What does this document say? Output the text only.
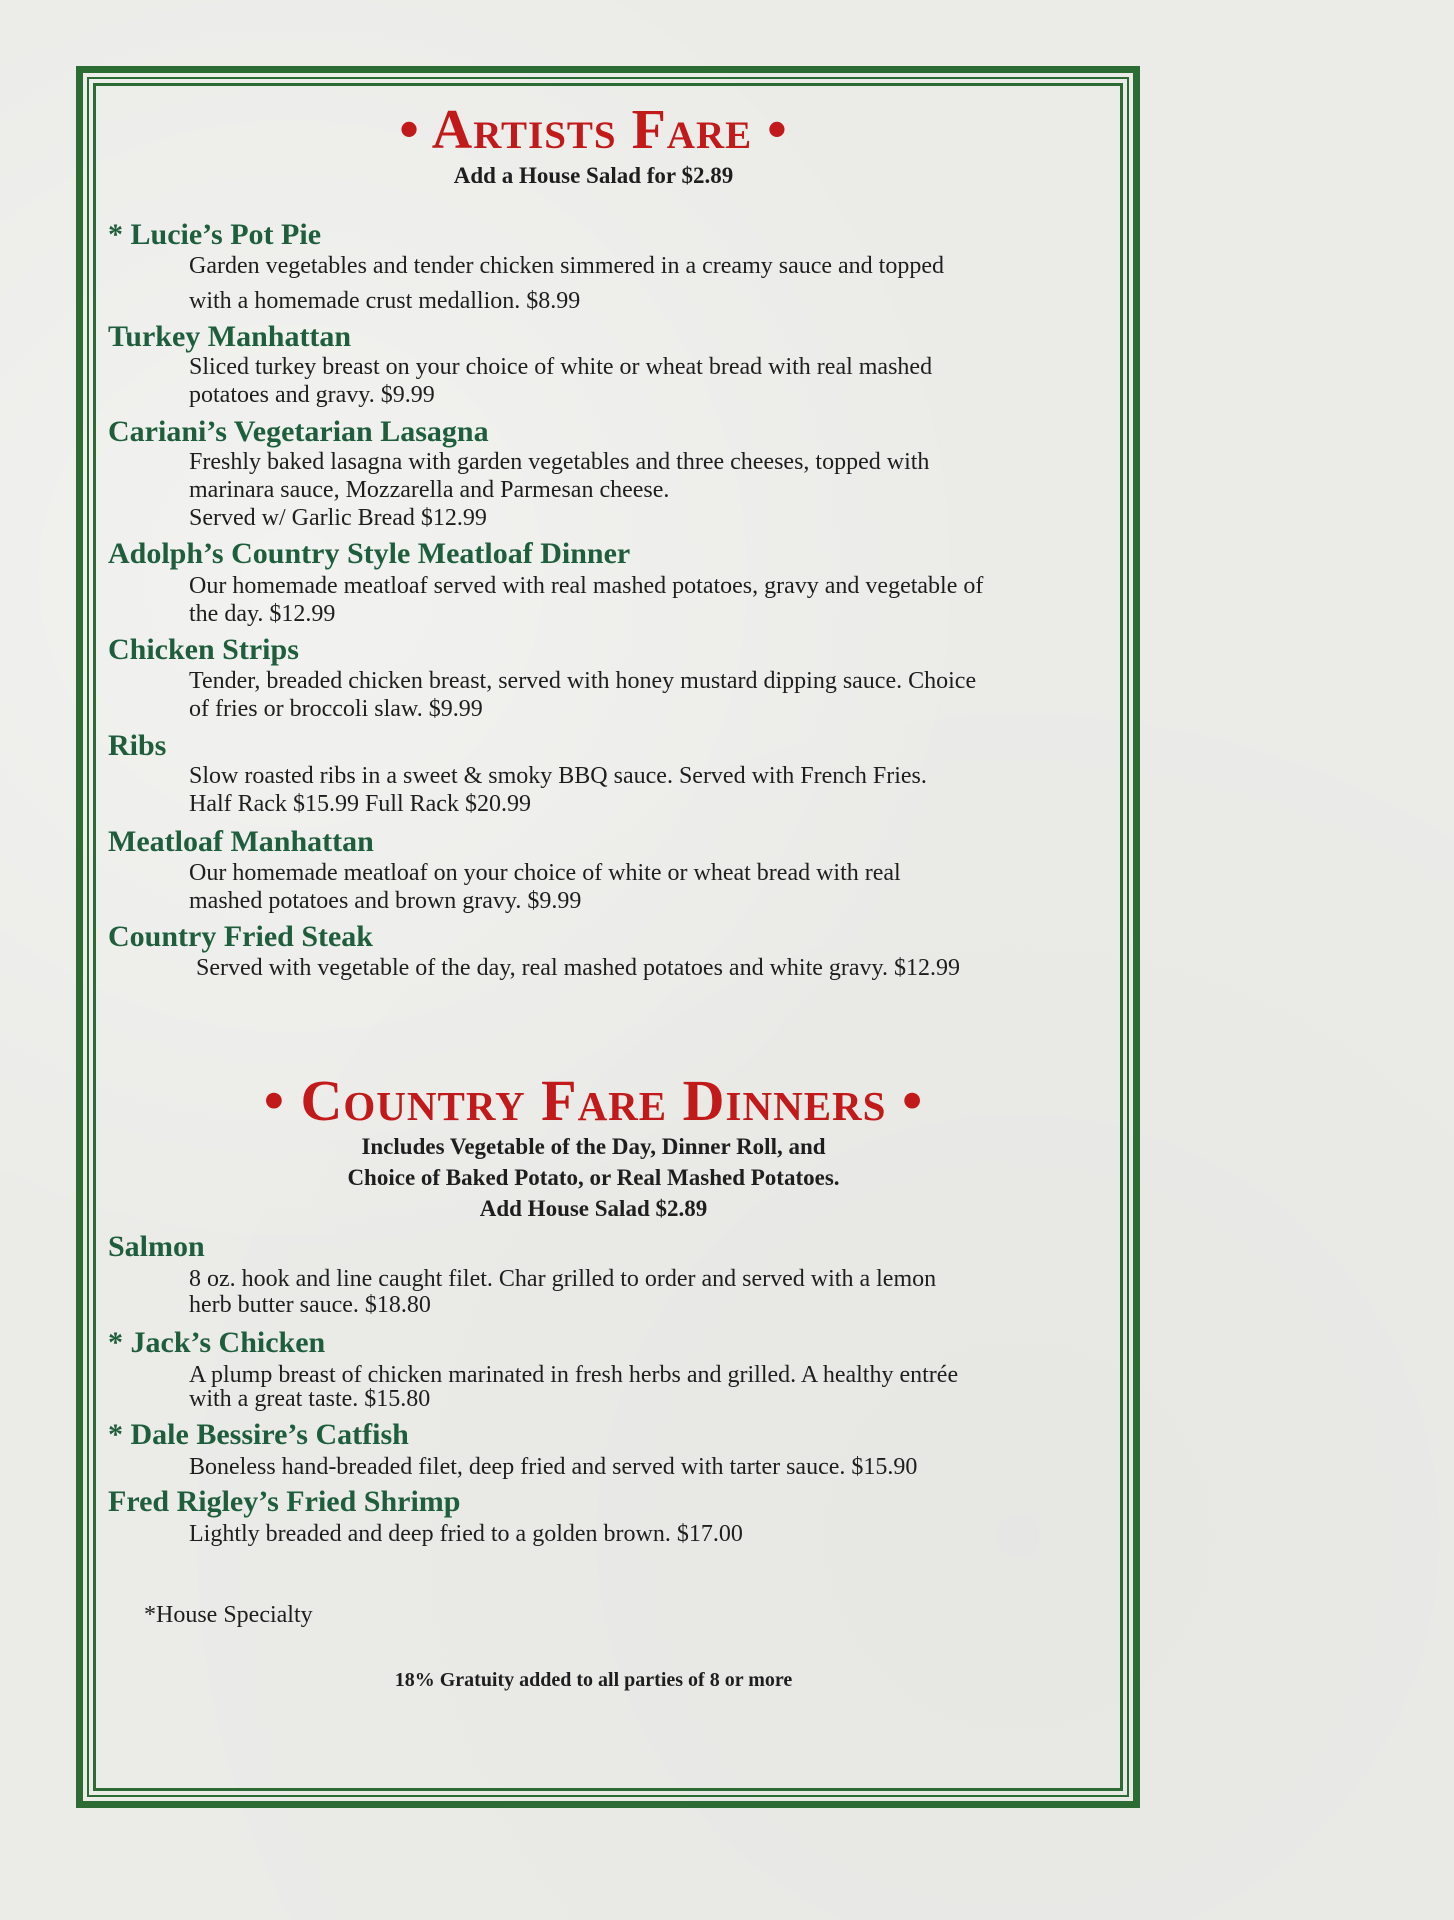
• Artists Fare •
Add a House Salad for $2.89
* Lucie’s Pot Pie
Garden vegetables and tender chicken simmered in a creamy sauce and topped
with a homemade crust medallion. $8.99
Turkey Manhattan
Sliced turkey breast on your choice of white or wheat bread with real mashed
potatoes and gravy. $9.99
Cariani’s Vegetarian Lasagna
Freshly baked lasagna with garden vegetables and three cheeses, topped with
marinara sauce, Mozzarella and Parmesan cheese.
Served w/ Garlic Bread $12.99
Adolph’s Country Style Meatloaf Dinner
Our homemade meatloaf served with real mashed potatoes, gravy and vegetable of
the day. $12.99
Chicken Strips
Tender, breaded chicken breast, served with honey mustard dipping sauce. Choice
of fries or broccoli slaw. $9.99
Ribs
Slow roasted ribs in a sweet & smoky BBQ sauce. Served with French Fries.
Half Rack $15.99 Full Rack $20.99
Meatloaf Manhattan
Our homemade meatloaf on your choice of white or wheat bread with real
mashed potatoes and brown gravy. $9.99
Country Fried Steak
Served with vegetable of the day, real mashed potatoes and white gravy. $12.99
• Country Fare Dinners •
Includes Vegetable of the Day, Dinner Roll, and
Choice of Baked Potato, or Real Mashed Potatoes.
Add House Salad $2.89
Salmon
8 oz. hook and line caught filet. Char grilled to order and served with a lemon
herb butter sauce. $18.80
* Jack’s Chicken
A plump breast of chicken marinated in fresh herbs and grilled. A healthy entrée
with a great taste. $15.80
* Dale Bessire’s Catfish
Boneless hand-breaded filet, deep fried and served with tarter sauce. $15.90
Fred Rigley’s Fried Shrimp
Lightly breaded and deep fried to a golden brown. $17.00
*House Specialty
18% Gratuity added to all parties of 8 or more
